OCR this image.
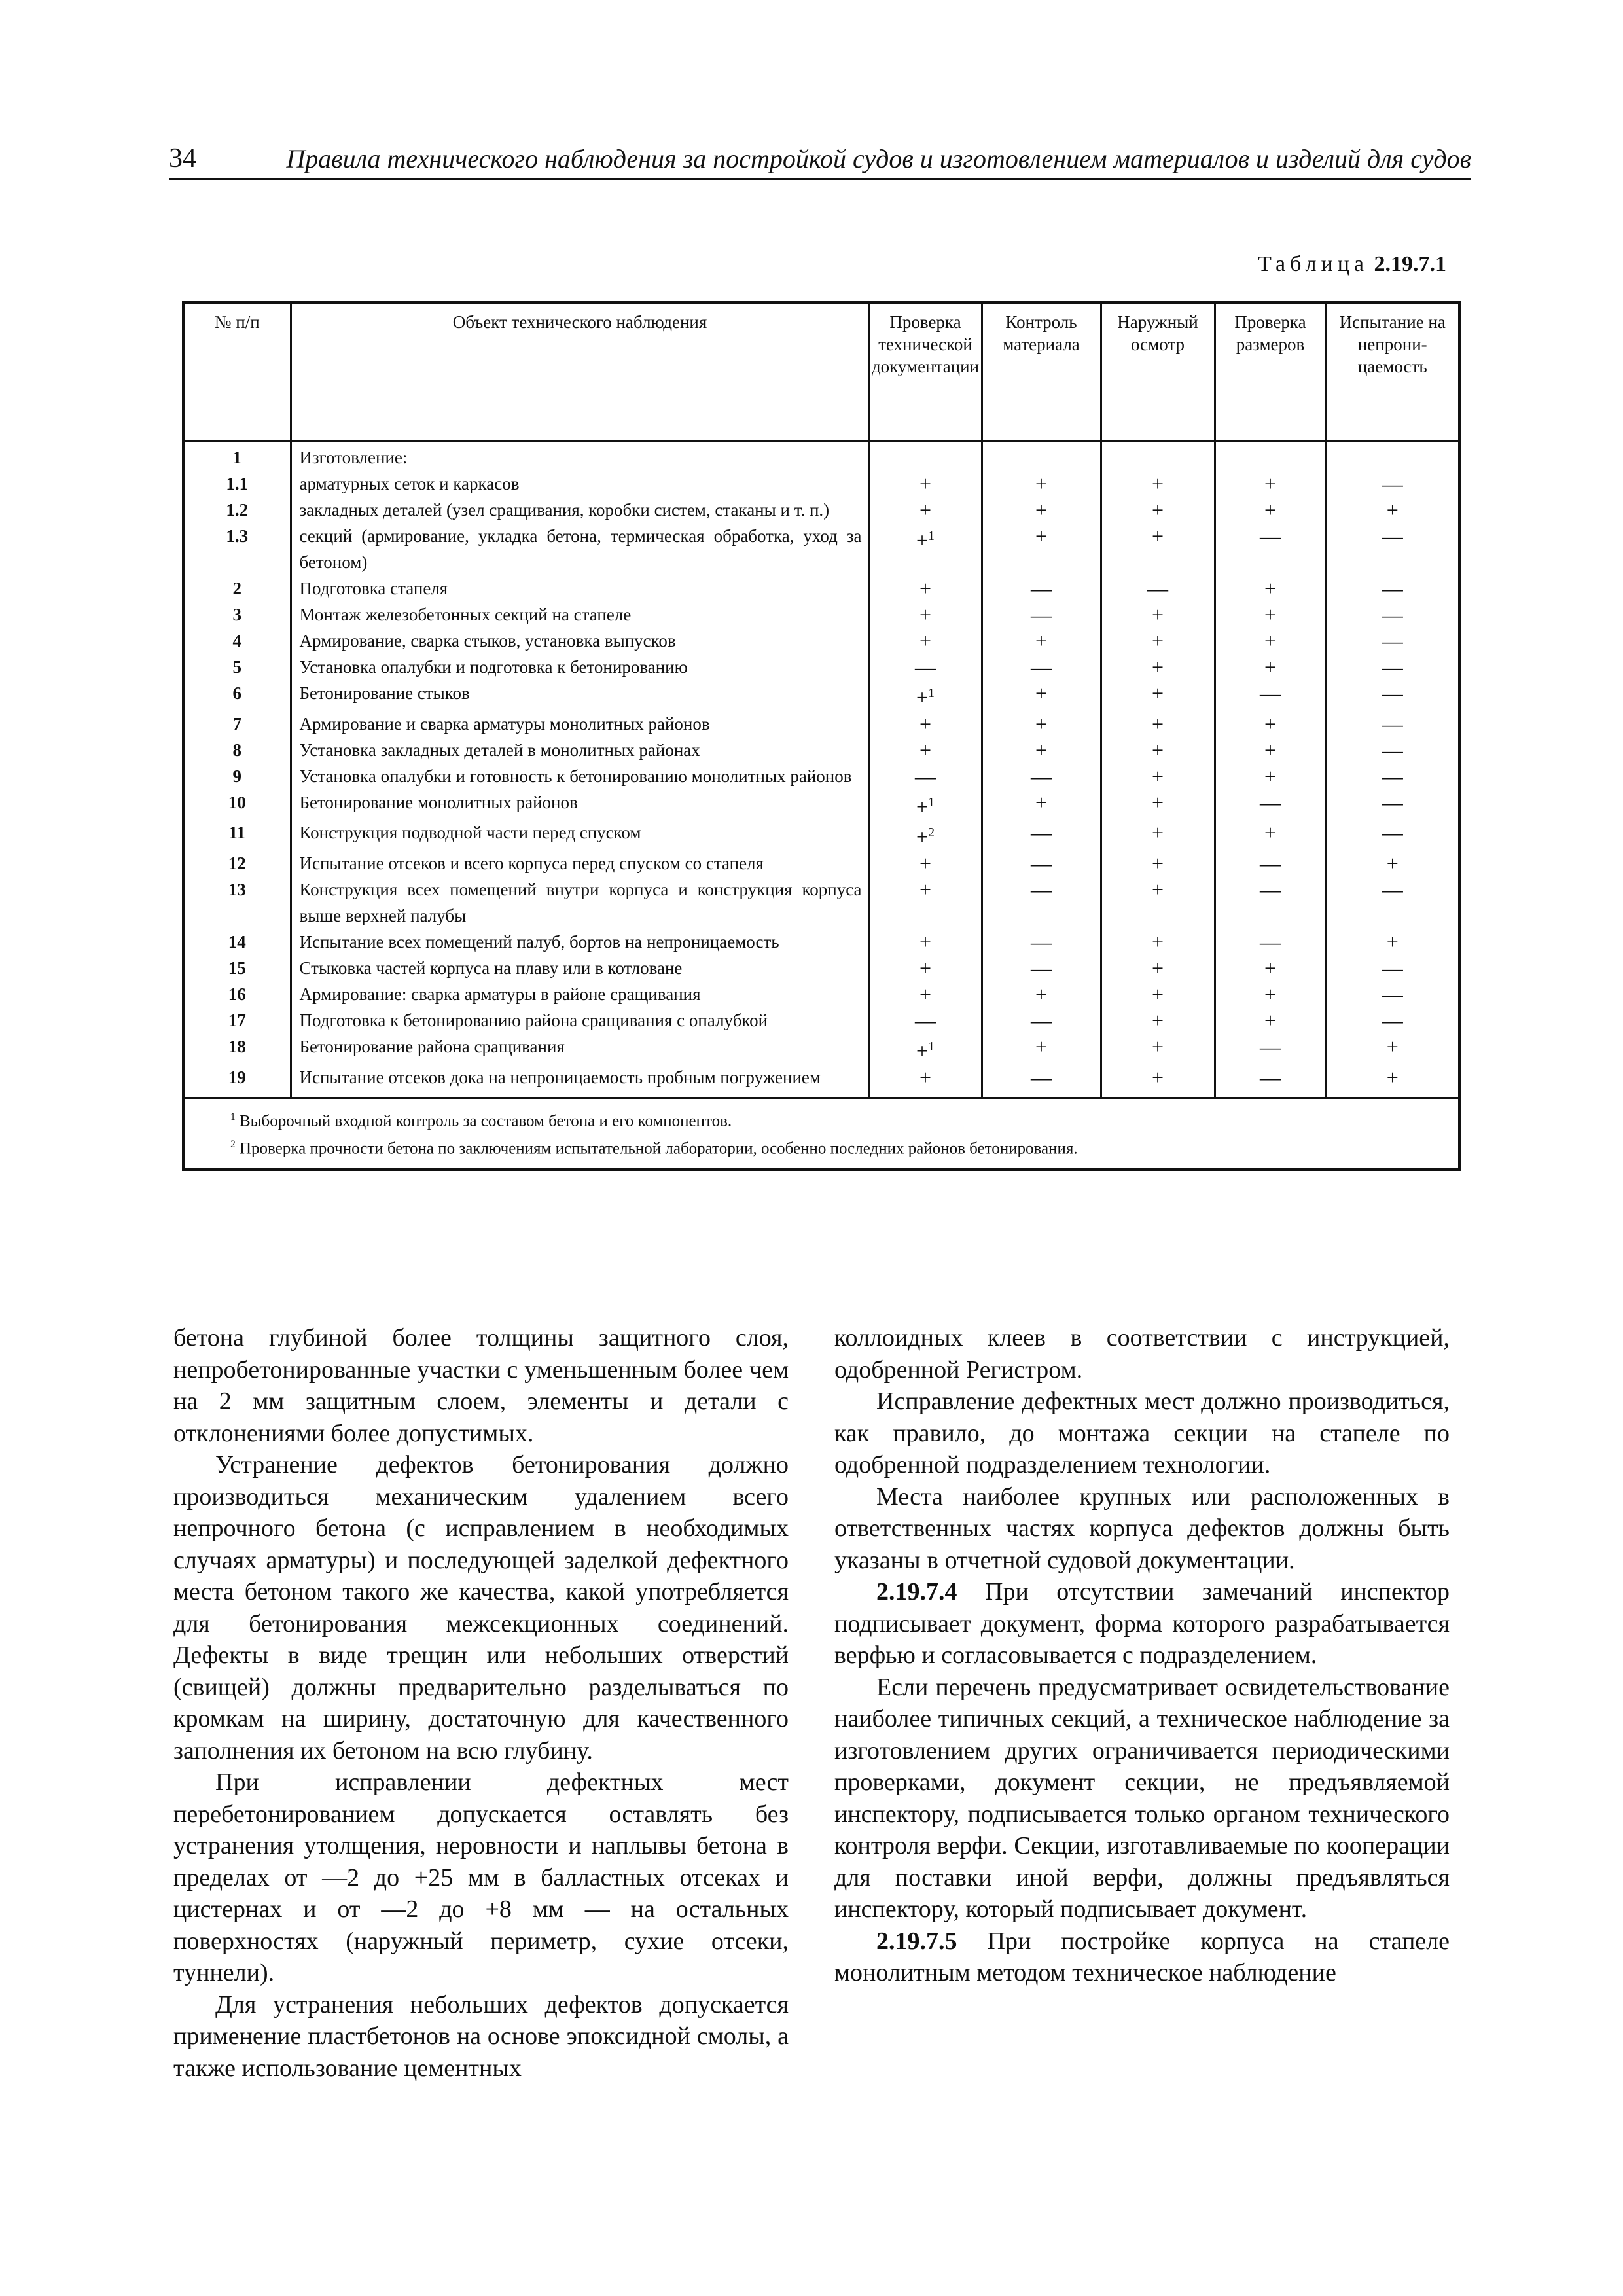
34	Правила технического наблюдения за постройкой судов и изготовлением материалов и изделий для судов
Таблица 2.19.7.1
№ п/п	Объект технического наблюдения	Проверка технической документации	Контроль материала	Наружный осмотр	Проверка размеров	Испытание на непроницаемость
1	Изготовление:					
1.1	арматурных сеток и каркасов	+	+	+	+	—
1.2	закладных деталей (узел сращивания, коробки систем, стаканы и т. п.)	+	+	+	+	+
1.3	секций (армирование, укладка бетона, термическая обработка, уход за бетоном)	+$^1$	+	+	—	—
2	Подготовка стапеля	+	—	—	+	—
3	Монтаж железобетонных секций на стапеле	+	—	+	+	—
4	Армирование, сварка стыков, установка выпусков	+	+	+	+	—
5	Установка опалубки и подготовка к бетонированию	—	—	+	+	—
6	Бетонирование стыков	+$^1$	+	+	—	—
7	Армирование и сварка арматуры монолитных районов	+	+	+	+	—
8	Установка закладных деталей в монолитных районах	+	+	+	+	—
9	Установка опалубки и готовность к бетонированию монолитных районов	—	—	+	+	—
10	Бетонирование монолитных районов	+$^1$	+	+	—	—
11	Конструкция подводной части перед спуском	+$^2$	—	+	+	—
12	Испытание отсеков и всего корпуса перед спуском со стапеля	+	—	+	—	+
13	Конструкция всех помещений внутри корпуса и конструкция корпуса выше верхней палубы	+	—	+	—	—
14	Испытание всех помещений палуб, бортов на непроницаемость	+	—	+	—	+
15	Стыковка частей корпуса на плаву или в котловане	+	—	+	+	—
16	Армирование: сварка арматуры в районе сращивания	+	+	+	+	—
17	Подготовка к бетонированию района сращивания с опалубкой	—	—	+	+	—
18	Бетонирование района сращивания	+$^1$	+	+	—	+
19	Испытание отсеков дока на непроницаемость пробным погружением	+	—	+	—	+

$^1$ Выборочный входной контроль за составом бетона и его компонентов.
$^2$ Проверка прочности бетона по заключениям испытательной лаборатории, особенно последних районов бетонирования.						

бетона глубиной более толщины защитного слоя, непробетонированные участки с уменьшенным более чем на 2 мм защитным слоем, элементы и детали с отклонениями более допустимых.

Устранение дефектов бетонирования должно производиться механическим удалением всего непрочного бетона (с исправлением в необходимых случаях арматуры) и последующей заделкой дефектного места бетоном такого же качества, какой употребляется для бетонирования межсекционных соединений. Дефекты в виде трещин или небольших отверстий (свищей) должны предварительно разделываться по кромкам на ширину, достаточную для качественного заполнения их бетоном на всю глубину.

При исправлении дефектных мест перебетонированием допускается оставлять без устранения утолщения, неровности и наплывы бетона в пределах от —2 до +25 мм в балластных отсеках и цистернах и от —2 до +8 мм — на остальных поверхностях (наружный периметр, сухие отсеки, туннели).

Для устранения небольших дефектов допускается применение пластбетонов на основе эпоксидной смолы, а также использование цементных

коллоидных клеев в соответствии с инструкцией, одобренной Регистром.

Исправление дефектных мест должно производиться, как правило, до монтажа секции на стапеле по одобренной подразделением технологии.

Места наиболее крупных или расположенных в ответственных частях корпуса дефектов должны быть указаны в отчетной судовой документации.

2.19.7.4 При отсутствии замечаний инспектор подписывает документ, форма которого разрабатывается верфью и согласовывается с подразделением.

Если перечень предусматривает освидетельствование наиболее типичных секций, а техническое наблюдение за изготовлением других ограничивается периодическими проверками, документ секции, не предъявляемой инспектору, подписывается только органом технического контроля верфи. Секции, изготавливаемые по кооперации для поставки иной верфи, должны предъявляться инспектору, который подписывает документ.

2.19.7.5 При постройке корпуса на стапеле монолитным методом техническое наблюдение
